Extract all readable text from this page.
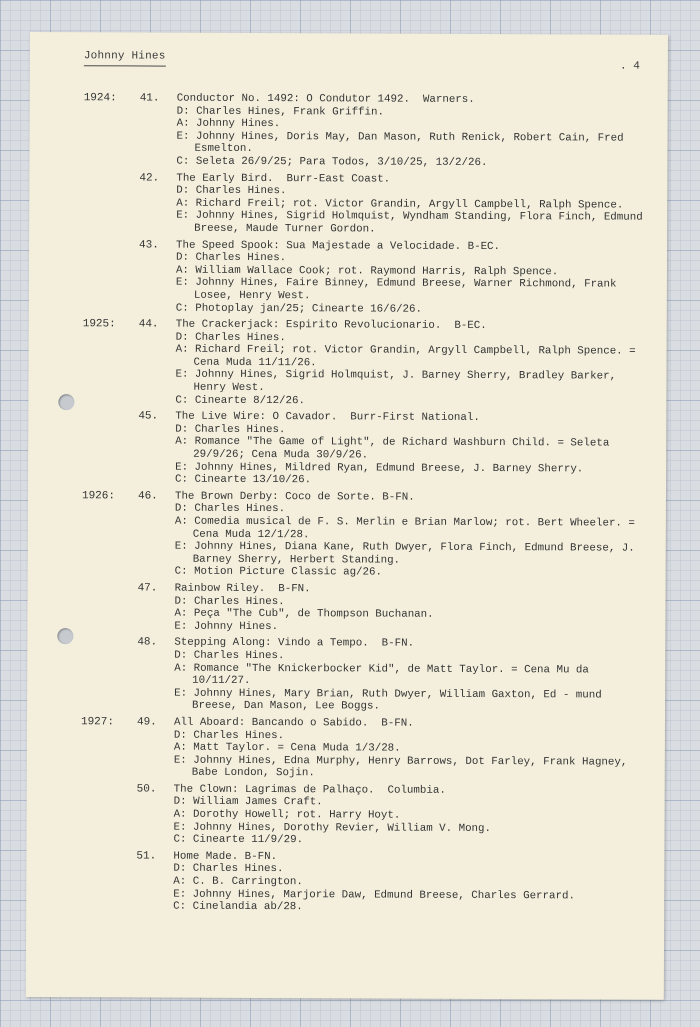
Johnny Hines
. 4
1924: 41. Conductor No. 1492: O Condutor 1492.  Warners.
D: Charles Hines, Frank Griffin.
A: Johnny Hines.
E: Johnny Hines, Doris May, Dan Mason, Ruth Renick, Robert Cain, Fred Esmelton.
C: Seleta 26/9/25; Para Todos, 3/10/25, 13/2/26.
42. The Early Bird.  Burr-East Coast.
D: Charles Hines.
A: Richard Freil; rot. Victor Grandin, Argyll Campbell, Ralph Spence.
E: Johnny Hines, Sigrid Holmquist, Wyndham Standing, Flora Finch, Edmund Breese, Maude Turner Gordon.
43. The Speed Spook: Sua Majestade a Velocidade. B-EC.
D: Charles Hines.
A: William Wallace Cook; rot. Raymond Harris, Ralph Spence.
E: Johnny Hines, Faire Binney, Edmund Breese, Warner Richmond, Frank Losee, Henry West.
C: Photoplay jan/25; Cinearte 16/6/26.
1925: 44. The Crackerjack: Espirito Revolucionario.  B-EC.
D: Charles Hines.
A: Richard Freil; rot. Victor Grandin, Argyll Campbell, Ralph Spence. = Cena Muda 11/11/26.
E: Johnny Hines, Sigrid Holmquist, J. Barney Sherry, Bradley Barker, Henry West.
C: Cinearte 8/12/26.
45. The Live Wire: O Cavador.  Burr-First National.
D: Charles Hines.
A: Romance "The Game of Light", de Richard Washburn Child. = Seleta 29/9/26; Cena Muda 30/9/26.
E: Johnny Hines, Mildred Ryan, Edmund Breese, J. Barney Sherry.
C: Cinearte 13/10/26.
1926: 46. The Brown Derby: Coco de Sorte. B-FN.
D: Charles Hines.
A: Comedia musical de F. S. Merlin e Brian Marlow; rot. Bert Wheeler. = Cena Muda 12/1/28.
E: Johnny Hines, Diana Kane, Ruth Dwyer, Flora Finch, Edmund Breese, J. Barney Sherry, Herbert Standing.
C: Motion Picture Classic ag/26.
47. Rainbow Riley.  B-FN.
D: Charles Hines.
A: Peça "The Cub", de Thompson Buchanan.
E: Johnny Hines.
48. Stepping Along: Vindo a Tempo.  B-FN.
D: Charles Hines.
A: Romance "The Knickerbocker Kid", de Matt Taylor. = Cena Mu da 10/11/27.
E: Johnny Hines, Mary Brian, Ruth Dwyer, William Gaxton, Ed - mund Breese, Dan Mason, Lee Boggs.
1927: 49. All Aboard: Bancando o Sabido.  B-FN.
D: Charles Hines.
A: Matt Taylor. = Cena Muda 1/3/28.
E: Johnny Hines, Edna Murphy, Henry Barrows, Dot Farley, Frank Hagney, Babe London, Sojin.
50. The Clown: Lagrimas de Palhaço.  Columbia.
D: William James Craft.
A: Dorothy Howell; rot. Harry Hoyt.
E: Johnny Hines, Dorothy Revier, William V. Mong.
C: Cinearte 11/9/29.
51. Home Made. B-FN.
D: Charles Hines.
A: C. B. Carrington.
E: Johnny Hines, Marjorie Daw, Edmund Breese, Charles Gerrard.
C: Cinelandia ab/28.
